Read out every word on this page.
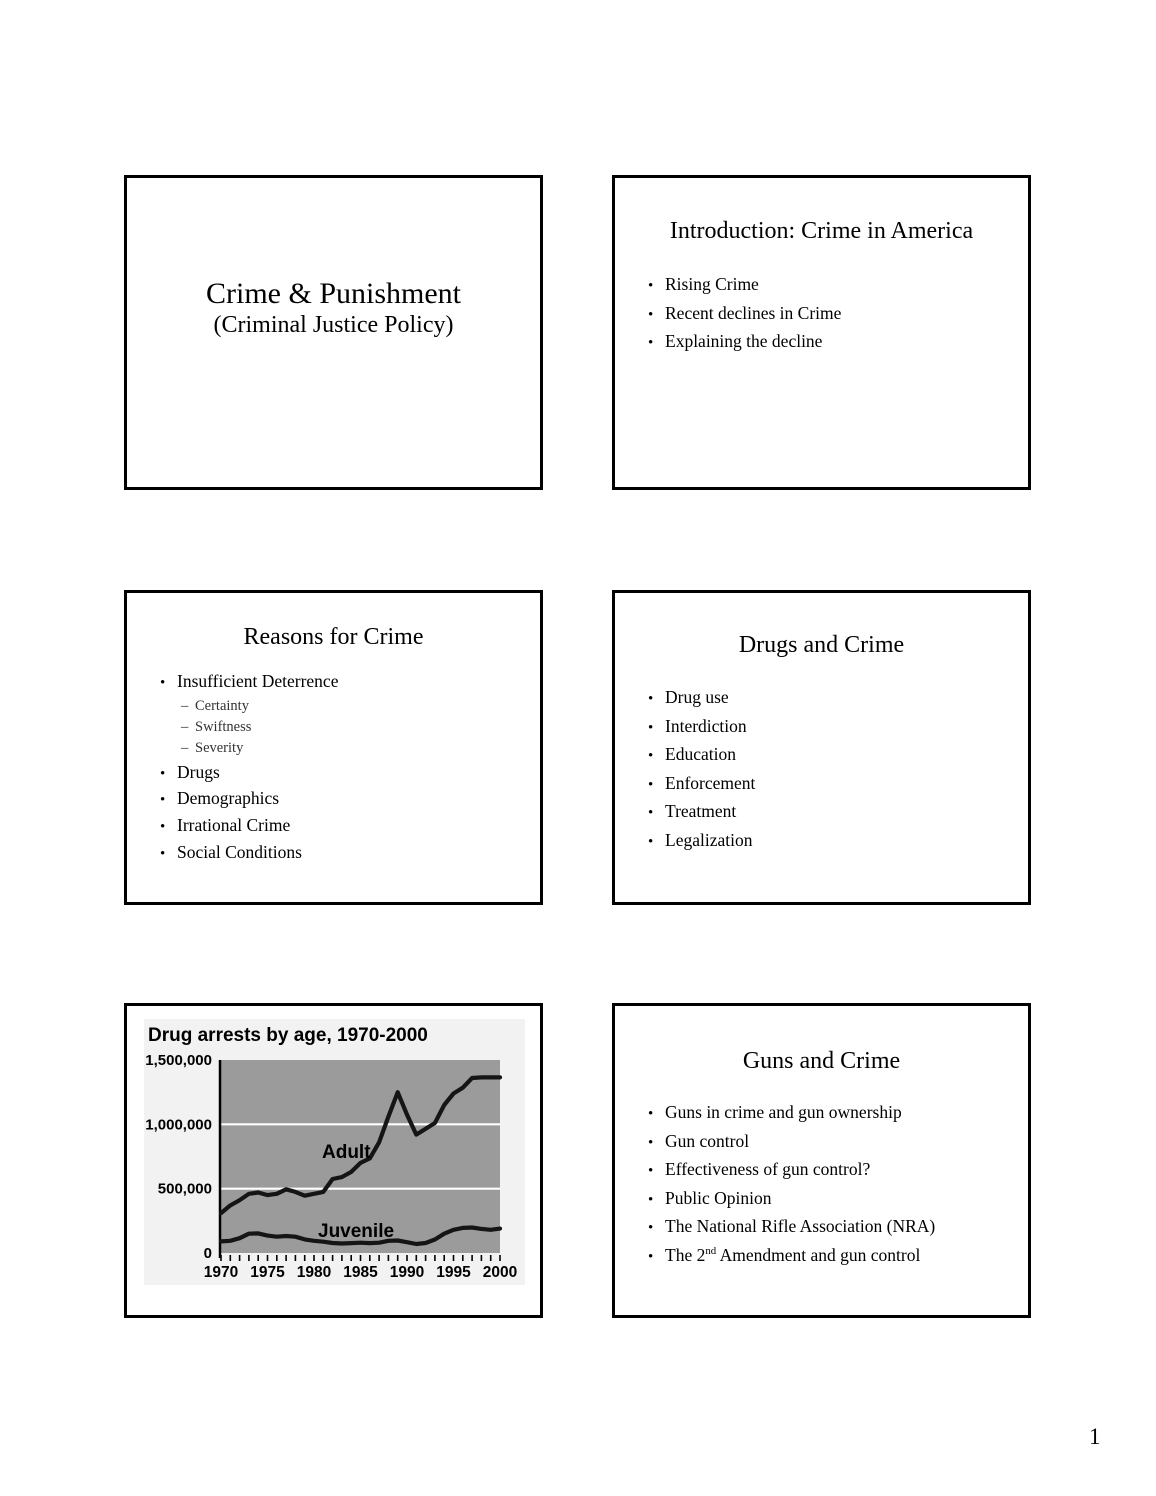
Crime & Punishment
(Criminal Justice Policy)
Introduction: Crime in America
• Rising Crime
• Recent declines in Crime
• Explaining the decline
Reasons for Crime
• Insufficient Deterrence
– Certainty
– Swiftness
– Severity
• Drugs
• Demographics
• Irrational Crime
• Social Conditions
Drugs and Crime
• Drug use
• Interdiction
• Education
• Enforcement
• Treatment
• Legalization
0
500,000
1,000,000
1,500,000
1970 1975 1980 1985 1990 1995 2000
Adult
Juvenile
Drug arrests by age, 1970-2000
Guns and Crime
• Guns in crime and gun ownership
• Gun control
• Effectiveness of gun control?
• Public Opinion
• The National Rifle Association (NRA)
• The 2nd Amendment and gun control
1
